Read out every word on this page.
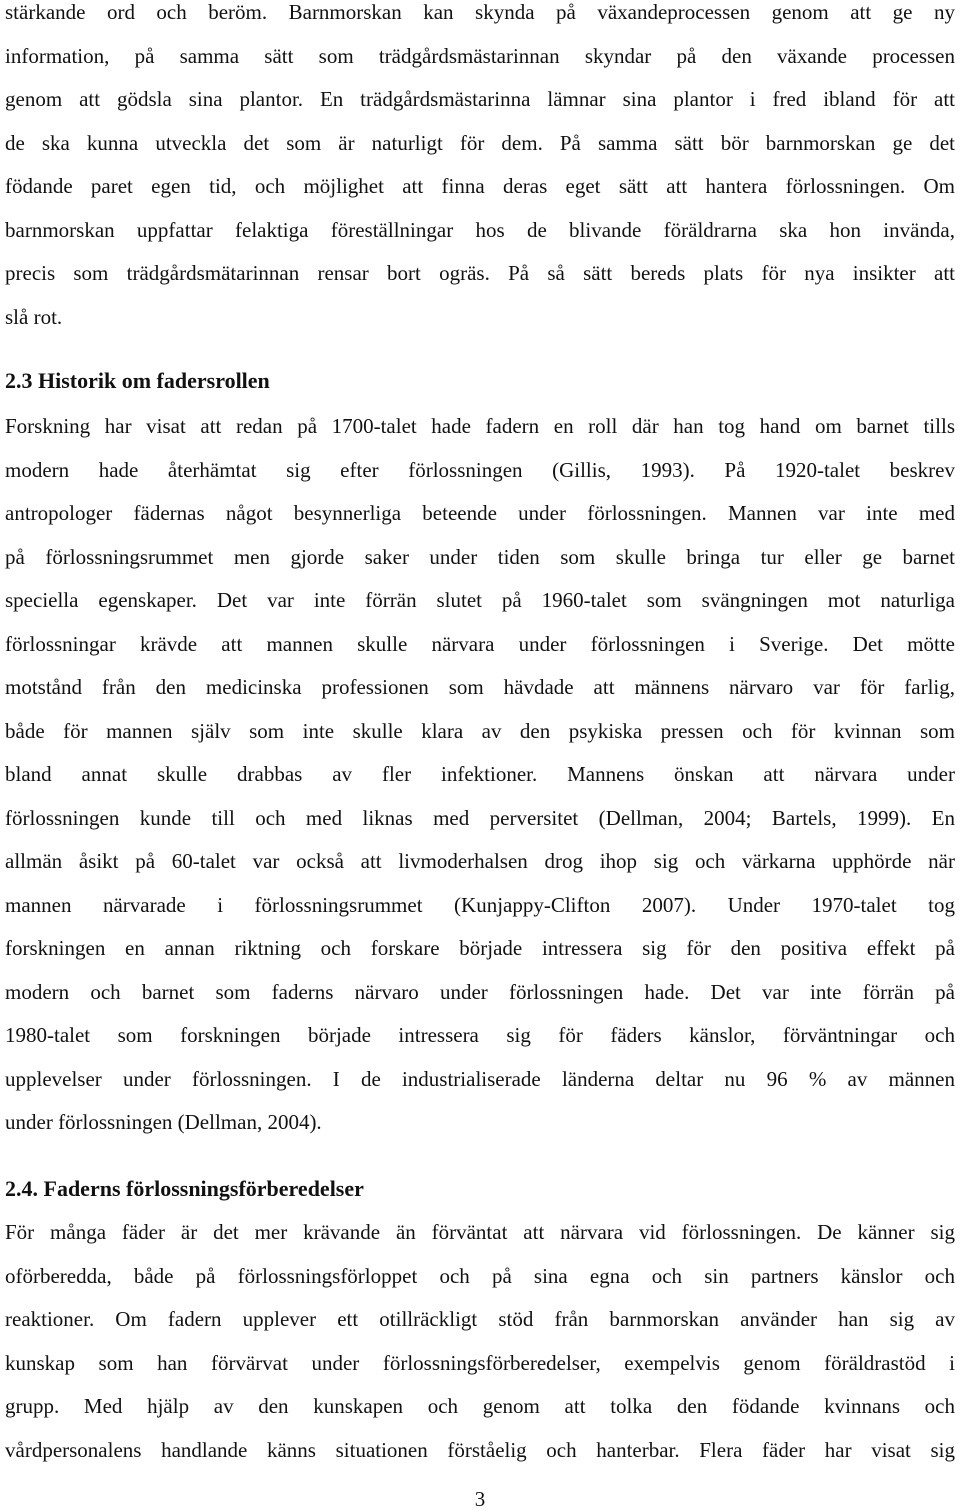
stärkande ord och beröm. Barnmorskan kan skynda på växandeprocessen genom att ge ny
information, på samma sätt som trädgårdsmästarinnan skyndar på den växande processen
genom att gödsla sina plantor. En trädgårdsmästarinna lämnar sina plantor i fred ibland för att
de ska kunna utveckla det som är naturligt för dem. På samma sätt bör barnmorskan ge det
födande paret egen tid, och möjlighet att finna deras eget sätt att hantera förlossningen. Om
barnmorskan uppfattar felaktiga föreställningar hos de blivande föräldrarna ska hon invända,
precis som trädgårdsmätarinnan rensar bort ogräs. På så sätt bereds plats för nya insikter att
slå rot.
2.3 Historik om fadersrollen
Forskning har visat att redan på 1700-talet hade fadern en roll där han tog hand om barnet tills
modern hade återhämtat sig efter förlossningen (Gillis, 1993). På 1920-talet beskrev
antropologer fädernas något besynnerliga beteende under förlossningen. Mannen var inte med
på förlossningsrummet men gjorde saker under tiden som skulle bringa tur eller ge barnet
speciella egenskaper. Det var inte förrän slutet på 1960-talet som svängningen mot naturliga
förlossningar krävde att mannen skulle närvara under förlossningen i Sverige. Det mötte
motstånd från den medicinska professionen som hävdade att männens närvaro var för farlig,
både för mannen själv som inte skulle klara av den psykiska pressen och för kvinnan som
bland annat skulle drabbas av fler infektioner. Mannens önskan att närvara under
förlossningen kunde till och med liknas med perversitet (Dellman, 2004; Bartels, 1999). En
allmän åsikt på 60-talet var också att livmoderhalsen drog ihop sig och värkarna upphörde när
mannen närvarade i förlossningsrummet (Kunjappy-Clifton 2007). Under 1970-talet tog
forskningen en annan riktning och forskare började intressera sig för den positiva effekt på
modern och barnet som faderns närvaro under förlossningen hade. Det var inte förrän på
1980-talet som forskningen började intressera sig för fäders känslor, förväntningar och
upplevelser under förlossningen. I de industrialiserade länderna deltar nu 96 % av männen
under förlossningen (Dellman, 2004).
2.4. Faderns förlossningsförberedelser
För många fäder är det mer krävande än förväntat att närvara vid förlossningen. De känner sig
oförberedda, både på förlossningsförloppet och på sina egna och sin partners känslor och
reaktioner. Om fadern upplever ett otillräckligt stöd från barnmorskan använder han sig av
kunskap som han förvärvat under förlossningsförberedelser, exempelvis genom föräldrastöd i
grupp. Med hjälp av den kunskapen och genom att tolka den födande kvinnans och
vårdpersonalens handlande känns situationen förståelig och hanterbar. Flera fäder har visat sig
3
